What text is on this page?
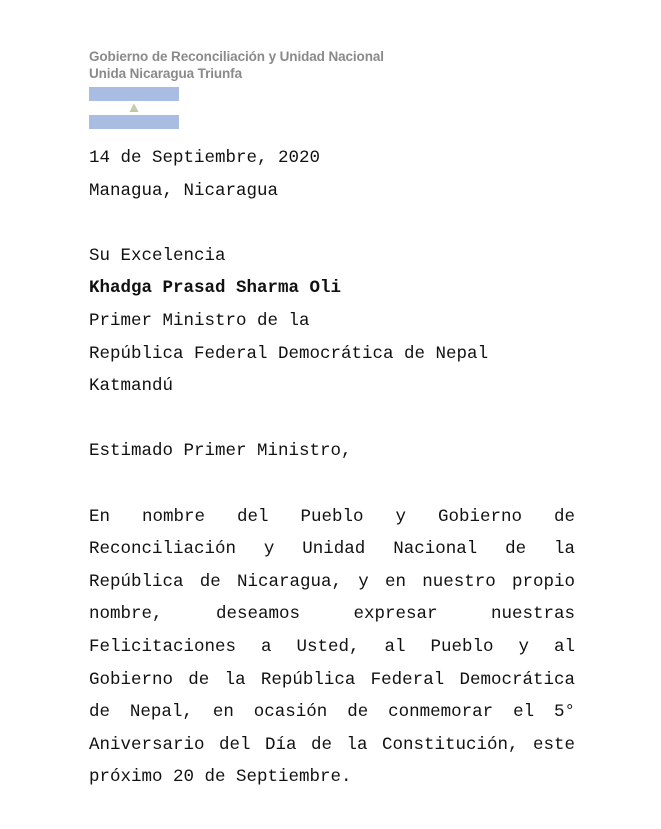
Gobierno de Reconciliación y Unidad Nacional
Unida Nicaragua Triunfa
14 de Septiembre, 2020
Managua, Nicaragua
Su Excelencia
Khadga Prasad Sharma Oli
Primer Ministro de la
República Federal Democrática de Nepal
Katmandú
Estimado Primer Ministro,
En nombre del Pueblo y Gobierno de Reconciliación y Unidad Nacional de la República de Nicaragua, y en nuestro propio nombre, deseamos expresar nuestras Felicitaciones a Usted, al Pueblo y al Gobierno de la República Federal Democrática de Nepal, en ocasión de conmemorar el 5° Aniversario del Día de la Constitución, este próximo 20 de Septiembre.
